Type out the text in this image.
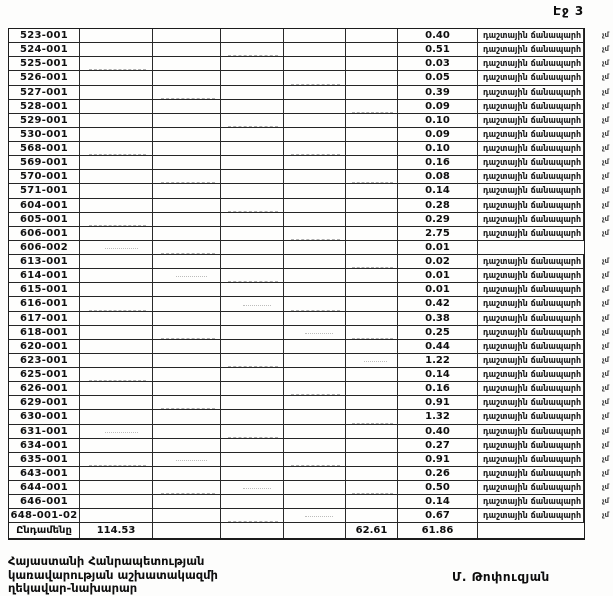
Էջ 3
523-001	0.40	դաշտային ճանապարհ	չմ
524-001	0.51	դաշտային ճանապարհ	չմ
525-001	0.03	դաշտային ճանապարհ	չմ
526-001	0.05	դաշտային ճանապարհ	չմ
527-001	0.39	դաշտային ճանապարհ	չմ
528-001	0.09	դաշտային ճանապարհ	չմ
529-001	0.10	դաշտային ճանապարհ	չմ
530-001	0.09	դաշտային ճանապարհ	չմ
568-001	0.10	դաշտային ճանապարհ	չմ
569-001	0.16	դաշտային ճանապարհ	չմ
570-001	0.08	դաշտային ճանապարհ	չմ
571-001	0.14	դաշտային ճանապարհ	չմ
604-001	0.28	դաշտային ճանապարհ	չմ
605-001	0.29	դաշտային ճանապարհ	չմ
606-001	2.75	դաշտային ճանապարհ	չմ
606-002	0.01
613-001	0.02	դաշտային ճանապարհ	չմ
614-001	0.01	դաշտային ճանապարհ	չմ
615-001	0.01	դաշտային ճանապարհ	չմ
616-001	0.42	դաշտային ճանապարհ	չմ
617-001	0.38	դաշտային ճանապարհ	չմ
618-001	0.25	դաշտային ճանապարհ	չմ
620-001	0.44	դաշտային ճանապարհ	չմ
623-001	1.22	դաշտային ճանապարհ	չմ
625-001	0.14	դաշտային ճանապարհ	չմ
626-001	0.16	դաշտային ճանապարհ	չմ
629-001	0.91	դաշտային ճանապարհ	չմ
630-001	1.32	դաշտային ճանապարհ	չմ
631-001	0.40	դաշտային ճանապարհ	չմ
634-001	0.27	դաշտային ճանապարհ	չմ
635-001	0.91	դաշտային ճանապարհ	չմ
643-001	0.26	դաշտային ճանապարհ	չմ
644-001	0.50	դաշտային ճանապարհ	չմ
646-001	0.14	դաշտային ճանապարհ	չմ
648-001-02	0.67	դաշտային ճանապարհ	չմ
Ընդամենը 114.53	62.61	61.86
Հայաստանի Հանրապետության
կառավարության աշխատակազմի
ղեկավար-նախարար
Մ. Թոփուզյան
